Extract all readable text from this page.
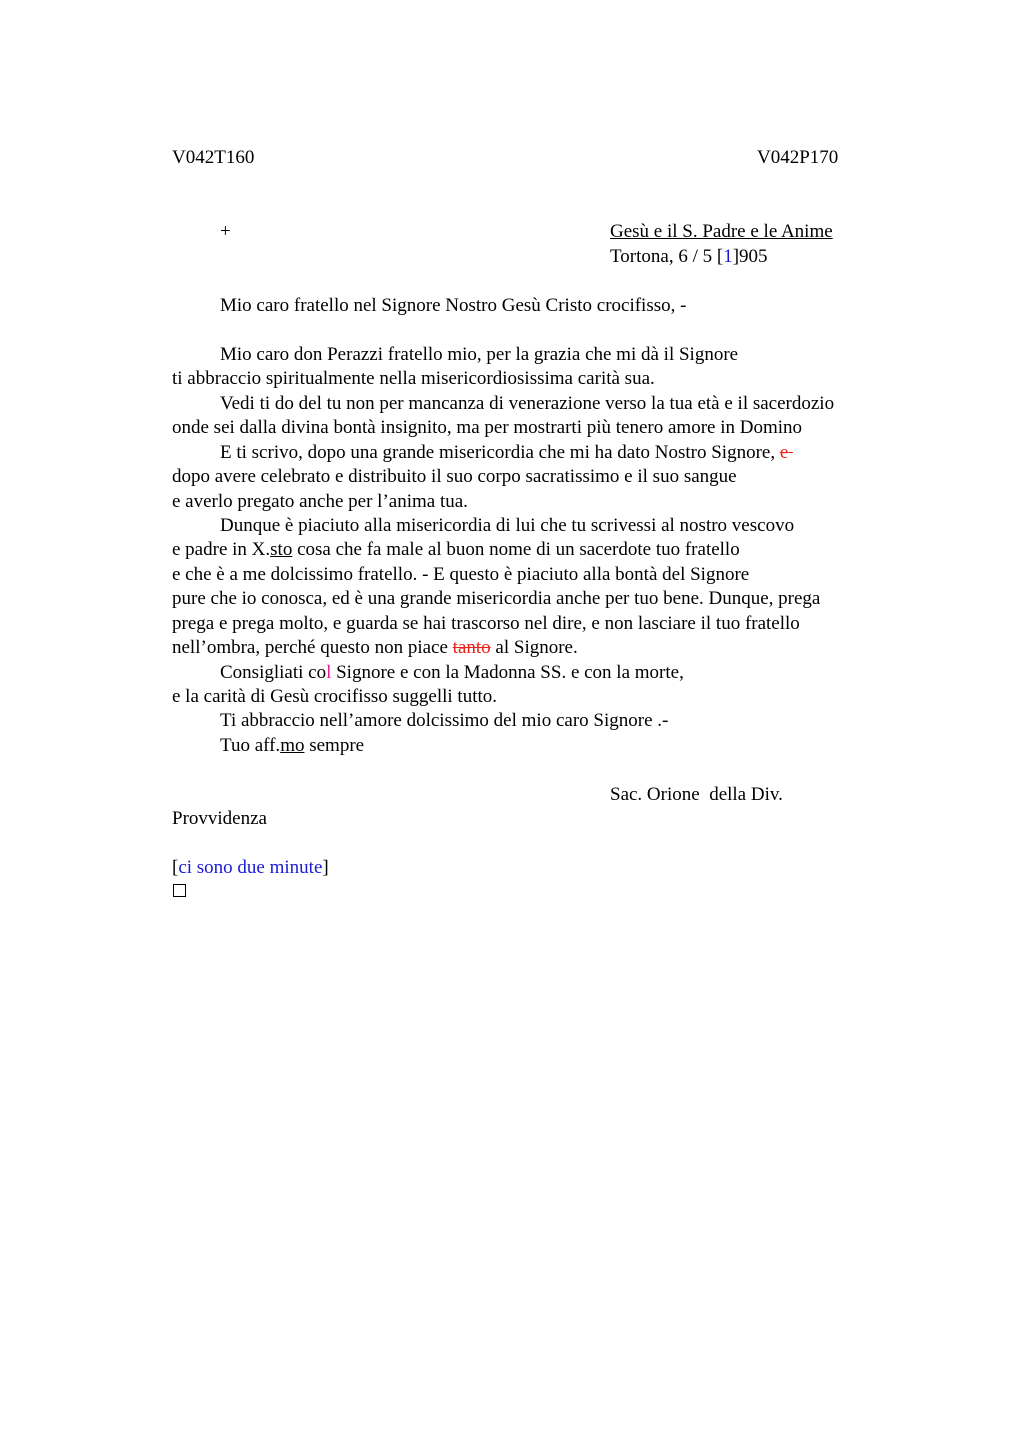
V042T160	V042P170
+	Gesù e il S. Padre e le Anime
Tortona, 6 / 5 [1]905
Mio caro fratello nel Signore Nostro Gesù Cristo crocifisso, -
Mio caro don Perazzi fratello mio, per la grazia che mi dà il Signore
ti abbraccio spiritualmente nella misericordiosissima carità sua.
Vedi ti do del tu non per mancanza di venerazione verso la tua età e il sacerdozio
onde sei dalla divina bontà insignito, ma per mostrarti più tenero amore in Domino
E ti scrivo, dopo una grande misericordia che mi ha dato Nostro Signore, e
dopo avere celebrato e distribuito il suo corpo sacratissimo e il suo sangue
e averlo pregato anche per l’anima tua.
Dunque è piaciuto alla misericordia di lui che tu scrivessi al nostro vescovo
e padre in X.sto cosa che fa male al buon nome di un sacerdote tuo fratello
e che è a me dolcissimo fratello. - E questo è piaciuto alla bontà del Signore
pure che io conosca, ed è una grande misericordia anche per tuo bene. Dunque, prega
prega e prega molto, e guarda se hai trascorso nel dire, e non lasciare il tuo fratello
nell’ombra, perché questo non piace tanto al Signore.
Consigliati col Signore e con la Madonna SS. e con la morte,
e la carità di Gesù crocifisso suggelli tutto.
Ti abbraccio nell’amore dolcissimo del mio caro Signore .-
Tuo aff.mo sempre
Sac. Orione  della Div.
Provvidenza
[ci sono due minute]
